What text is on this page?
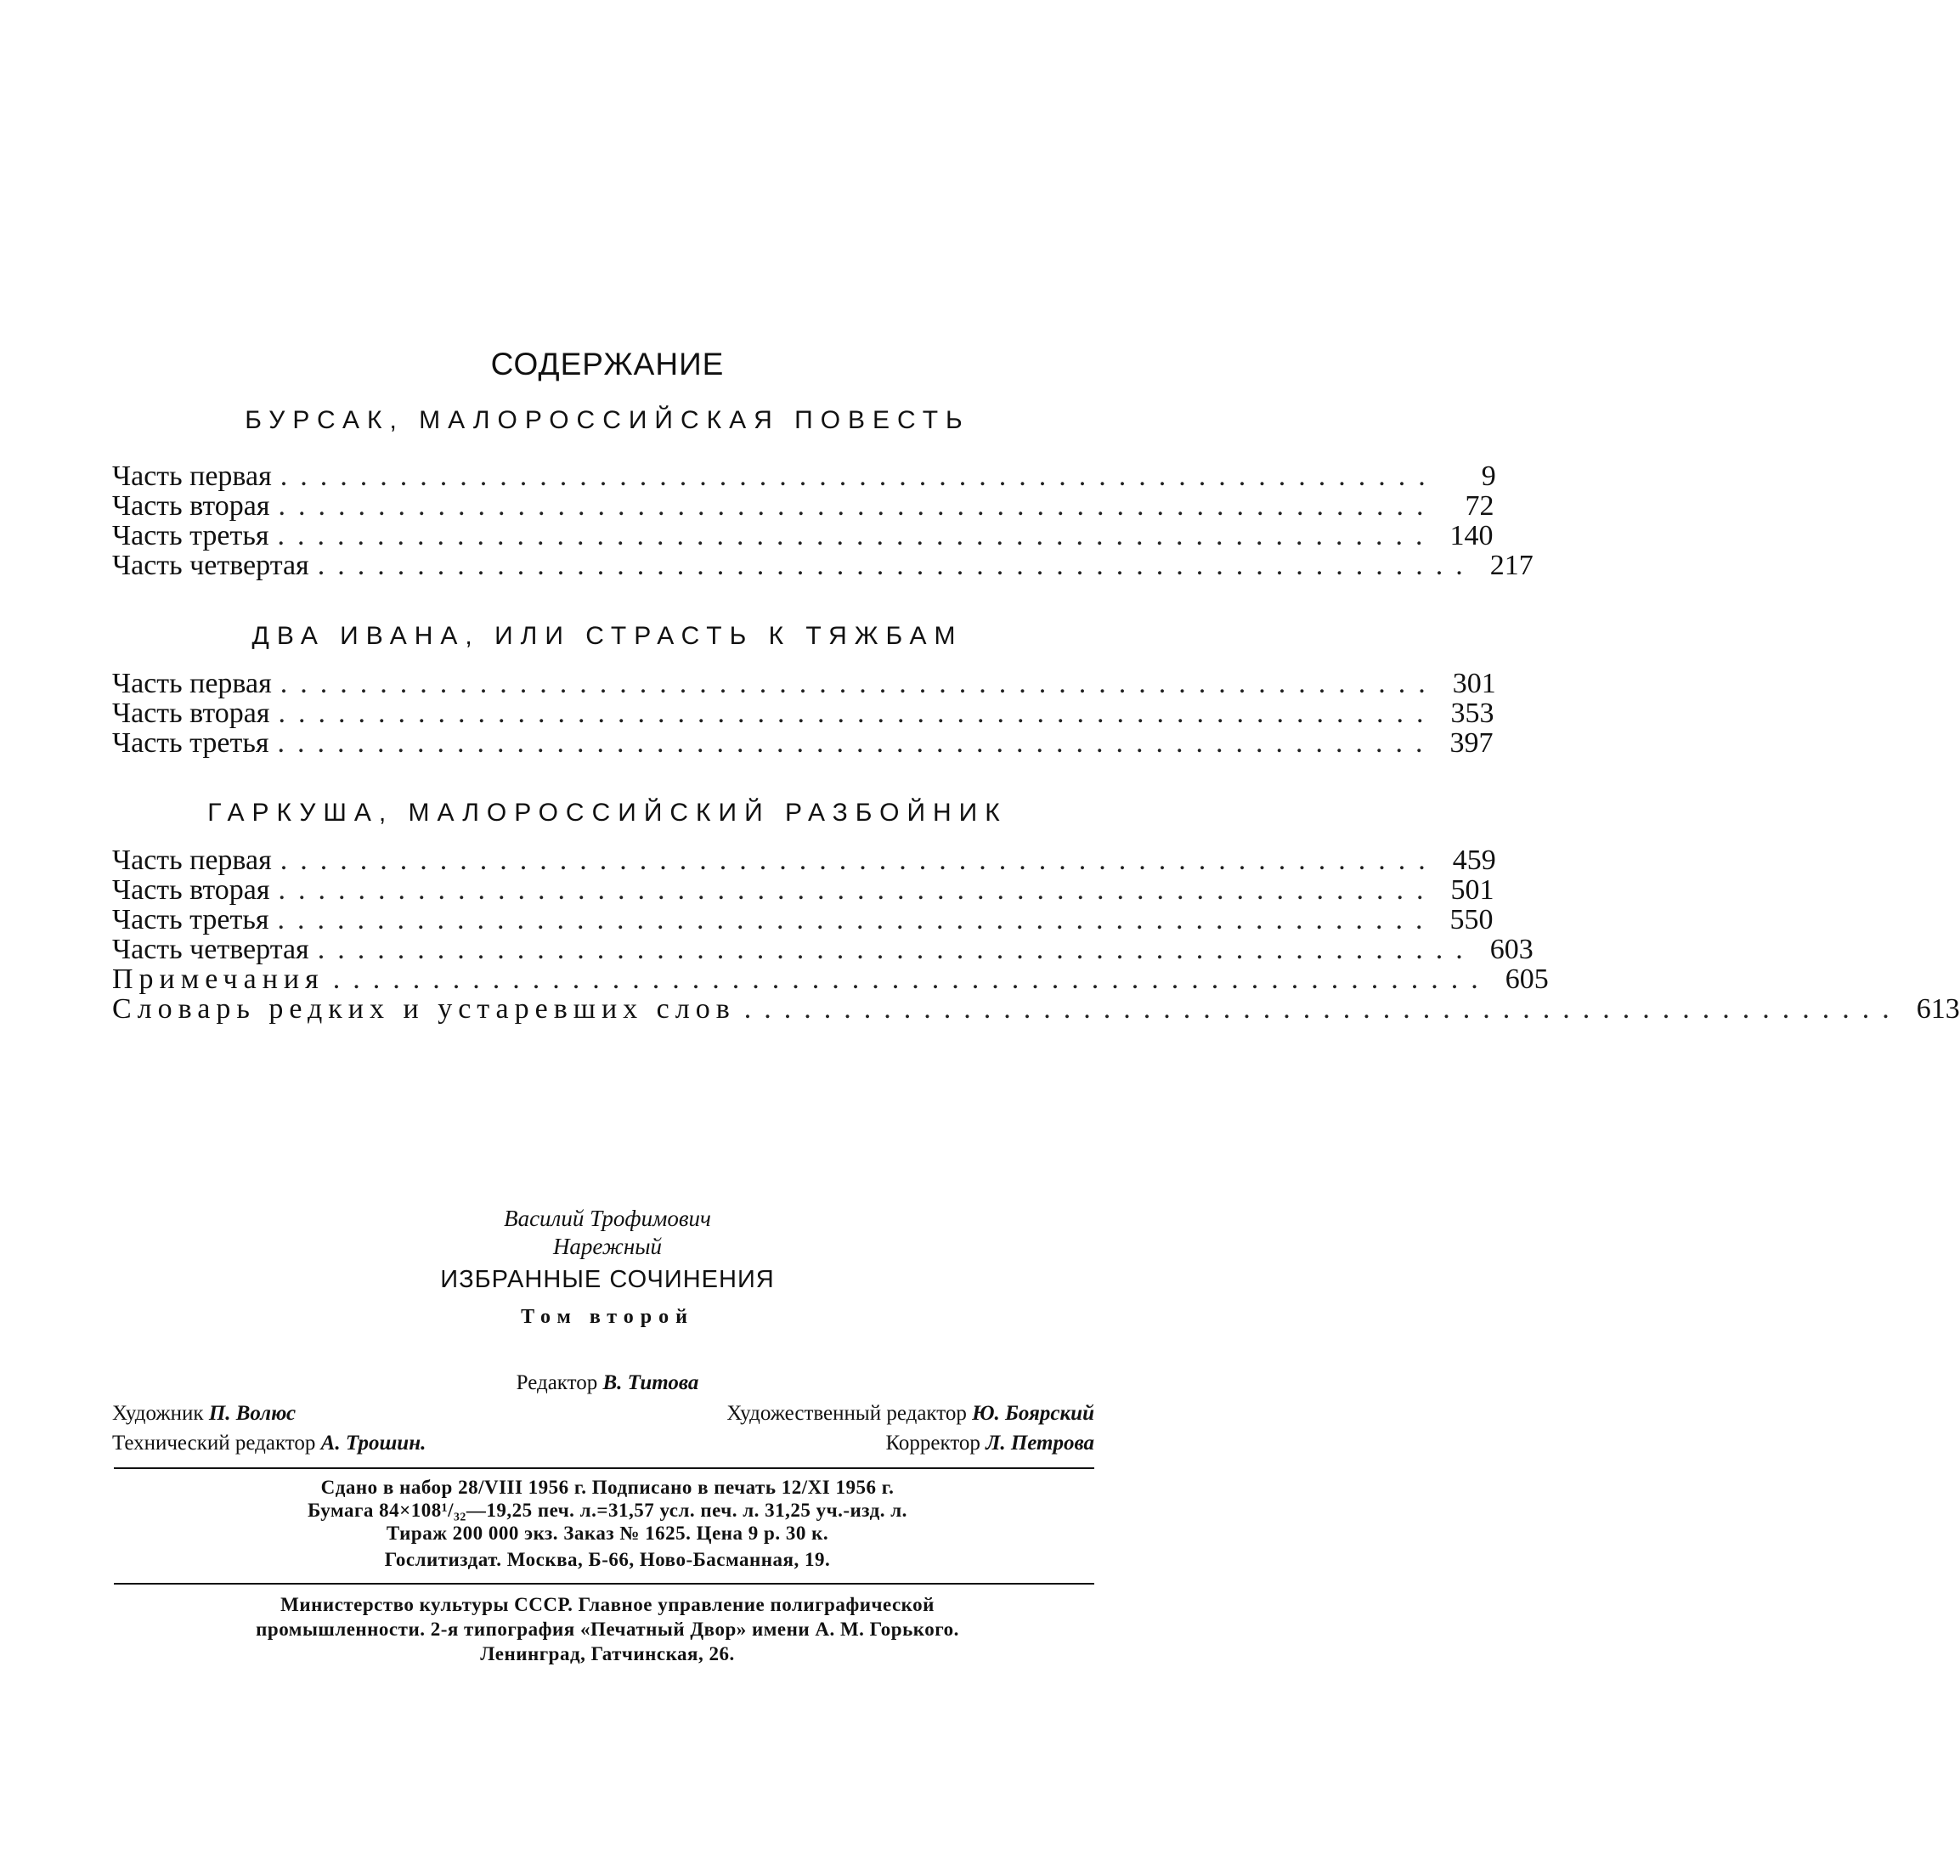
СОДЕРЖАНИЕ
БУРСАК, МАЛОРОССИЙСКАЯ ПОВЕСТЬ
Часть первая ..........................................................	9
Часть вторая ..........................................................	72
Часть третья .......................................................... 140
Часть четвертая .......................................................... 217
ДВА ИВАНА, ИЛИ СТРАСТЬ К ТЯЖБАМ
Часть первая .......................................................... 301
Часть вторая .......................................................... 353
Часть третья .......................................................... 397
ГАРКУША, МАЛОРОССИЙСКИЙ РАЗБОЙНИК
Часть первая .......................................................... 459
Часть вторая .......................................................... 501
Часть третья .......................................................... 550
Часть четвертая .......................................................... 603
Примечания .......................................................... 605
Словарь редких и устаревших слов .......................................................... 613
Василий Трофимович
Нарежный
ИЗБРАННЫЕ СОЧИНЕНИЯ
Том второй
Редактор В. Титова
Художник П. Волюс	Художественный редактор Ю. Боярский
Технический редактор А. Трошин.	Корректор Л. Петрова
Сдано в набор 28/VIII 1956 г. Подписано в печать 12/XI 1956 г.
Бумага 84×108¹/₃₂—19,25 печ. л.=31,57 усл. печ. л. 31,25 уч.-изд. л.
Тираж 200 000 экз. Заказ № 1625. Цена 9 р. 30 к.
Гослитиздат. Москва, Б-66, Ново-Басманная, 19.
Министерство культуры СССР. Главное управление полиграфической
промышленности. 2-я типография «Печатный Двор» имени А. М. Горького.
Ленинград, Гатчинская, 26.
